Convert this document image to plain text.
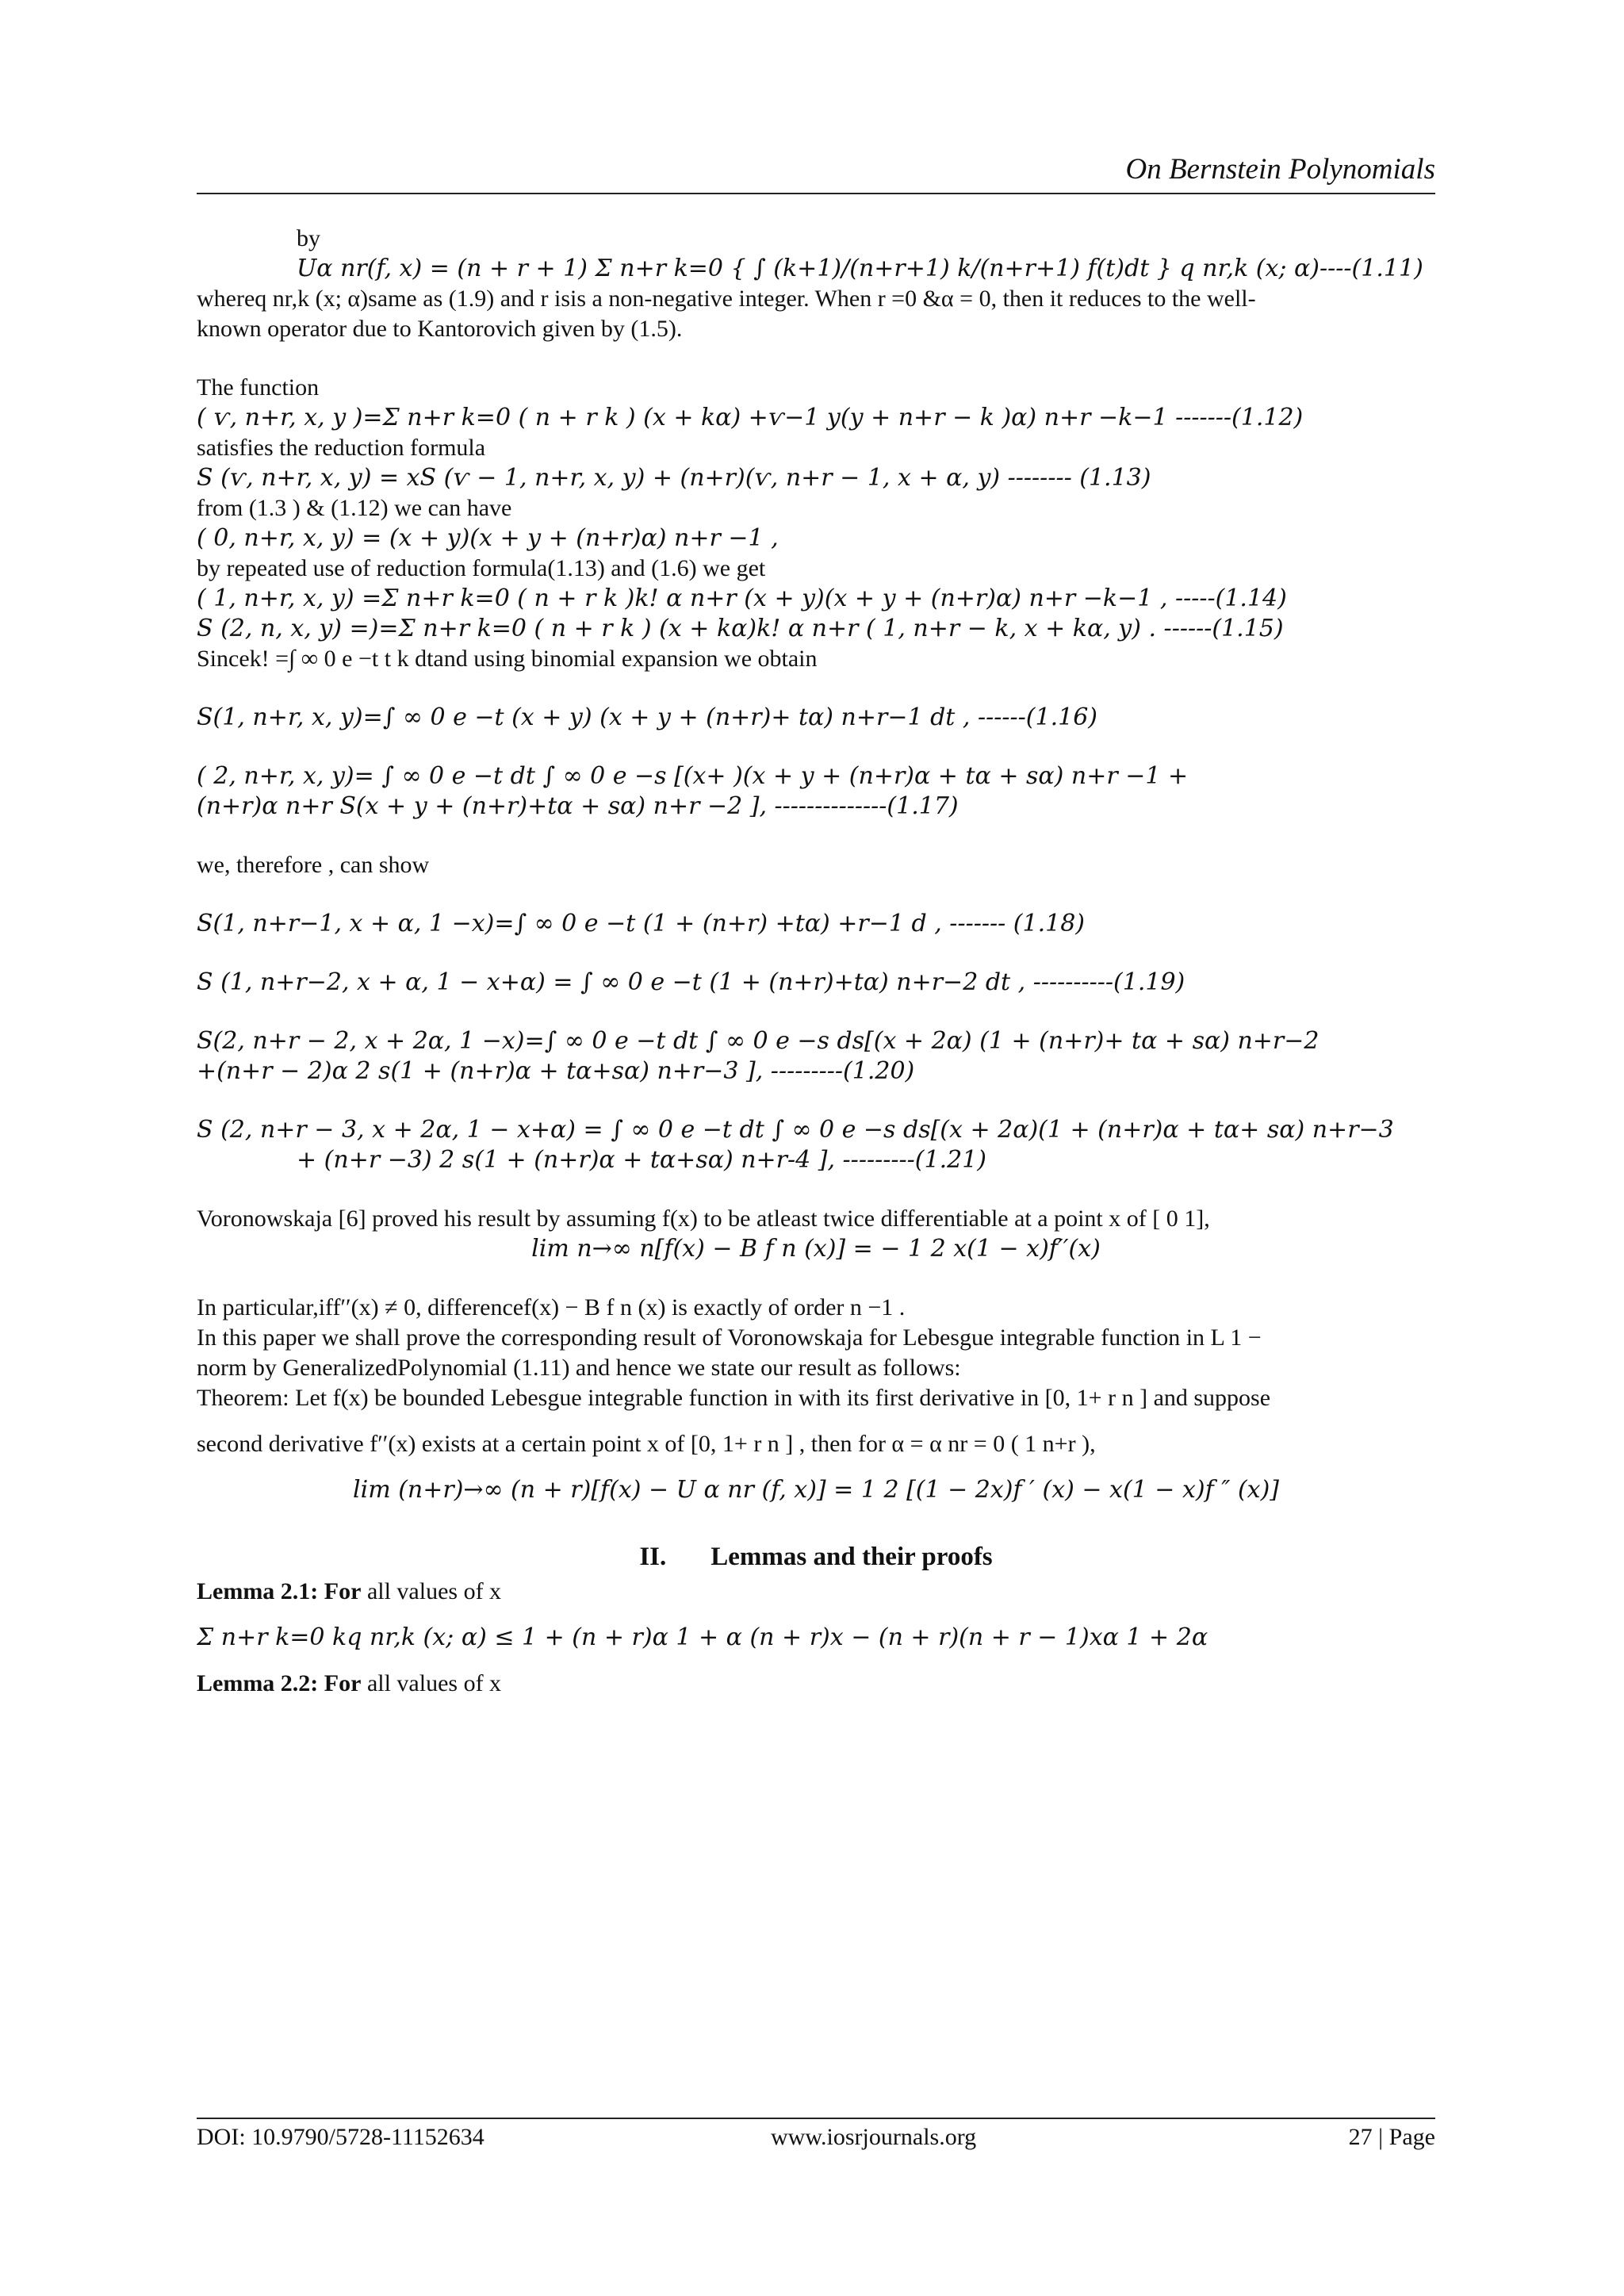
On Bernstein Polynomials
by
Uα nr(f, x) = (n + r + 1) Σ n+r k=0 { ∫ (k+1)/(n+r+1) k/(n+r+1) f(t)dt } q nr,k (x; α)----(1.11)
whereq nr,k (x; α)same as (1.9) and r isis a non-negative integer. When r =0 &α = 0, then it reduces to the well-
known operator due to Kantorovich given by (1.5).
The function
( ѵ, n+r, x, y )=Σ n+r k=0 ( n + r k ) (x + kα) +ѵ−1 y(y + n+r − k )α) n+r −k−1 -------(1.12)
satisfies the reduction formula
S (ѵ, n+r, x, y) = xS (ѵ − 1, n+r, x, y) + (n+r)(ѵ, n+r − 1, x + α, y) -------- (1.13)
from (1.3 ) & (1.12) we can have
( 0, n+r, x, y) = (x + y)(x + y + (n+r)α) n+r −1 ,
by repeated use of reduction formula(1.13) and (1.6) we get
( 1, n+r, x, y) =Σ n+r k=0 ( n + r k )k! α n+r (x + y)(x + y + (n+r)α) n+r −k−1 , -----(1.14)
S (2, n, x, y) =)=Σ n+r k=0 ( n + r k ) (x + kα)k! α n+r ( 1, n+r − k, x + kα, y) . ------(1.15)
Sincek! =∫ ∞ 0 e −t t k dtand using binomial expansion we obtain
S(1, n+r, x, y)=∫ ∞ 0 e −t (x + y) (x + y + (n+r)+ tα) n+r−1 dt , ------(1.16)
( 2, n+r, x, y)= ∫ ∞ 0 e −t dt ∫ ∞ 0 e −s [(x+ )(x + y + (n+r)α + tα + sα) n+r −1 +
(n+r)α n+r S(x + y + (n+r)+tα + sα) n+r −2 ], --------------(1.17)
we, therefore , can show
S(1, n+r−1, x + α, 1 −x)=∫ ∞ 0 e −t (1 + (n+r) +tα) +r−1 d , ------- (1.18)
S (1, n+r−2, x + α, 1 − x+α) = ∫ ∞ 0 e −t (1 + (n+r)+tα) n+r−2 dt , ----------(1.19)
S(2, n+r − 2, x + 2α, 1 −x)=∫ ∞ 0 e −t dt ∫ ∞ 0 e −s ds[(x + 2α) (1 + (n+r)+ tα + sα) n+r−2
+(n+r − 2)α 2 s(1 + (n+r)α + tα+sα) n+r−3 ], ---------(1.20)
S (2, n+r − 3, x + 2α, 1 − x+α) = ∫ ∞ 0 e −t dt ∫ ∞ 0 e −s ds[(x + 2α)(1 + (n+r)α + tα+ sα) n+r−3
+ (n+r −3) 2 s(1 + (n+r)α + tα+sα) n+r-4 ], ---------(1.21)
Voronowskaja [6] proved his result by assuming f(x) to be atleast twice differentiable at a point x of [ 0 1],
lim n→∞ n[f(x) − B f n (x)] = − 1 2 x(1 − x)f′′(x)
In particular,iff′′(x) ≠ 0, differencef(x) − B f n (x) is exactly of order n −1 .
In this paper we shall prove the corresponding result of Voronowskaja for Lebesgue integrable function in L 1 −
norm by GeneralizedPolynomial (1.11) and hence we state our result as follows:
Theorem: Let f(x) be bounded Lebesgue integrable function in with its first derivative in [0, 1+ r n ] and suppose
second derivative f′′(x) exists at a certain point x of [0, 1+ r n ] , then for α = α nr = 0 ( 1 n+r ),
lim (n+r)→∞ (n + r)[f(x) − U α nr (f, x)] = 1 2 [(1 − 2x)f ′ (x) − x(1 − x)f ″ (x)]
II. Lemmas and their proofs
Lemma 2.1: For all values of x
Σ n+r k=0 kq nr,k (x; α) ≤ 1 + (n + r)α 1 + α (n + r)x − (n + r)(n + r − 1)xα 1 + 2α
Lemma 2.2: For all values of x
DOI: 10.9790/5728-11152634	www.iosrjournals.org	27 | Page
